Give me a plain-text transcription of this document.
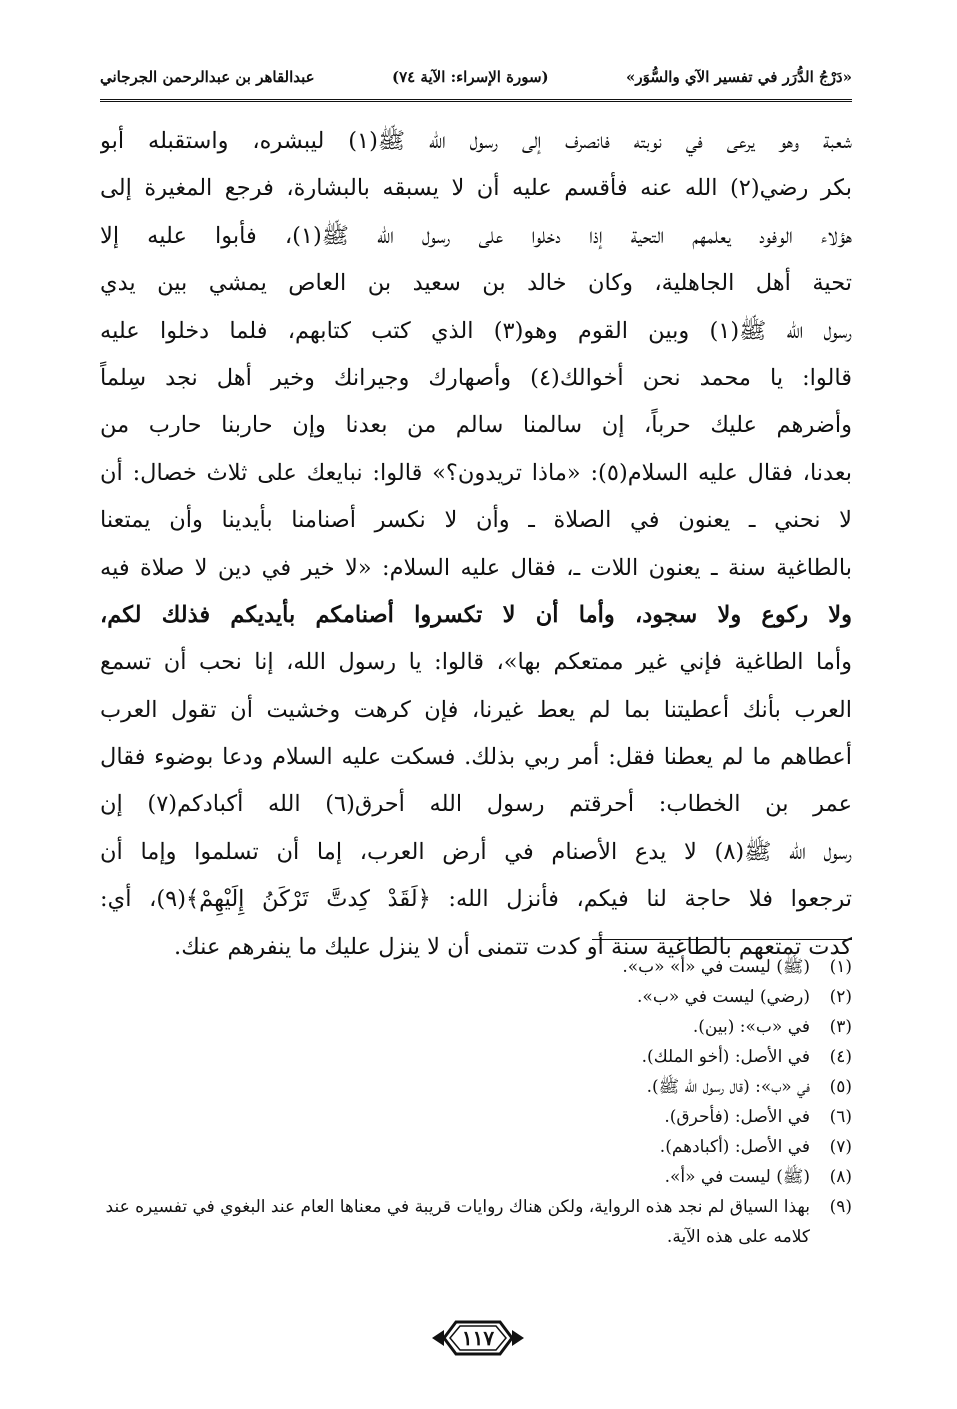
«دَرْجُ الدُّرَر في تفسير الآي والسُّوَر»
(سورة الإسراء: الآية ٧٤)
عبدالقاهر بن عبدالرحمن الجرجاني
شعبة وهو يرعى في نوبته فانصرف إلى رسول الله ﷺ(١) ليبشره، واستقبله أبو
بكر رضي(٢) الله عنه فأقسم عليه أن لا يسبقه بالبشارة، فرجع المغيرة إلى
هؤلاء الوفود يعلمهم التحية إذا دخلوا على رسول الله ﷺ(١)، فأبوا عليه إلا
تحية أهل الجاهلية، وكان خالد بن سعيد بن العاص يمشي بين يدي
رسول الله ﷺ(١) وبين القوم وهو(٣) الذي كتب كتابهم، فلما دخلوا عليه
قالوا: يا محمد نحن أخوالك(٤) وأصهارك وجيرانك وخير أهل نجد سِلماً
وأضرهم عليك حرباً، إن سالمنا سالم من بعدنا وإن حاربنا حارب من
بعدنا، فقال عليه السلام(٥): «ماذا تريدون؟» قالوا: نبايعك على ثلاث خصال: أن
لا نحني ـ يعنون في الصلاة ـ وأن لا نكسر أصنامنا بأيدينا وأن يمتعنا
بالطاغية سنة ـ يعنون اللات ـ، فقال عليه السلام: «لا خير في دين لا صلاة فيه
ولا ركوع ولا سجود، وأما أن لا تكسروا أصنامكم بأيديكم فذلك لكم،
وأما الطاغية فإني غير ممتعكم بها»، قالوا: يا رسول الله، إنا نحب أن تسمع
العرب بأنك أعطيتنا بما لم يعط غيرنا، فإن كرهت وخشيت أن تقول العرب
أعطاهم ما لم يعطنا فقل: أمر ربي بذلك. فسكت عليه السلام ودعا بوضوء فقال
عمر بن الخطاب: أحرقتم رسول الله أحرق(٦) الله أكبادكم(٧) إن
رسول الله ﷺ(٨) لا يدع الأصنام في أرض العرب، إما أن تسلموا وإما أن
ترجعوا فلا حاجة لنا فيكم، فأنزل الله: ﴿لَقَدْ كِدتَّ تَرْكَنُ إِلَيْهِمْ﴾(٩)، أي:
كدت تمتعهم بالطاغية سنة أو كدت تتمنى أن لا ينزل عليك ما ينفرهم عنك.
(١)
(ﷺ) ليست في «أ» «ب».
(٢)
(رضي) ليست في «ب».
(٣)
في «ب»: (بين).
(٤)
في الأصل: (أخو الملك).
(٥)
في «ب»: (قال رسول الله ﷺ).
(٦)
في الأصل: (فأحرق).
(٧)
في الأصل: (أكبادهم).
(٨)
(ﷺ) ليست في «أ».
(٩)
بهذا السياق لم نجد هذه الرواية، ولكن هناك روايات قريبة في معناها العام عند البغوي في تفسيره عند كلامه على هذه الآية.
١١٧
